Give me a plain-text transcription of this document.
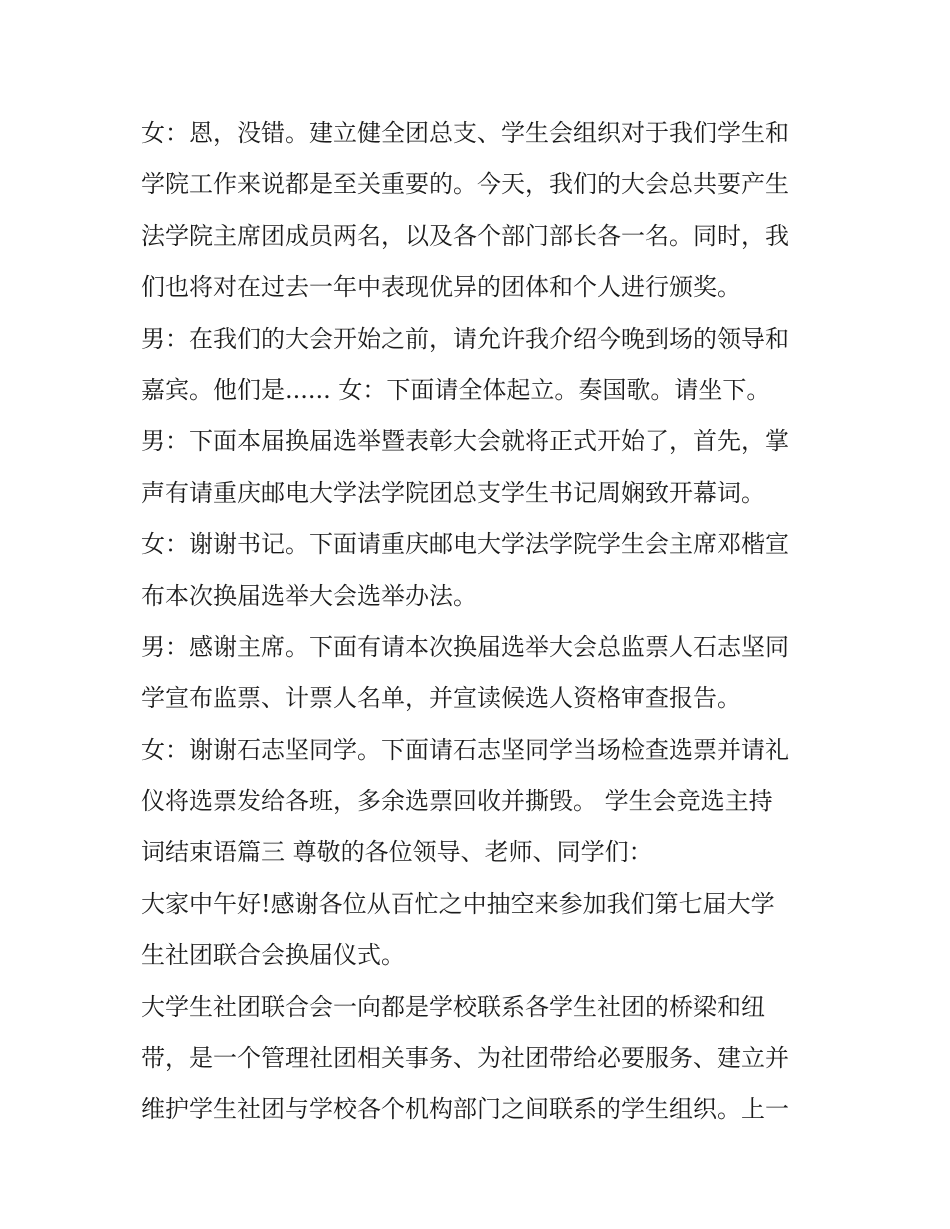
女：恩，没错。建立健全团总支、学生会组织对于我们学生和
学院工作来说都是至关重要的。今天，我们的大会总共要产生
法学院主席团成员两名，以及各个部门部长各一名。同时，我
们也将对在过去一年中表现优异的团体和个人进行颁奖。
男：在我们的大会开始之前，请允许我介绍今晚到场的领导和
嘉宾。他们是...... 女：下面请全体起立。奏国歌。请坐下。
男：下面本届换届选举暨表彰大会就将正式开始了，首先，掌
声有请重庆邮电大学法学院团总支学生书记周娴致开幕词。
女：谢谢书记。下面请重庆邮电大学法学院学生会主席邓楷宣
布本次换届选举大会选举办法。
男：感谢主席。下面有请本次换届选举大会总监票人石志坚同
学宣布监票、计票人名单，并宣读候选人资格审查报告。
女：谢谢石志坚同学。下面请石志坚同学当场检查选票并请礼
仪将选票发给各班，多余选票回收并撕毁。 学生会竞选主持
词结束语篇三 尊敬的各位领导、老师、同学们：
大家中午好!感谢各位从百忙之中抽空来参加我们第七届大学
生社团联合会换届仪式。
大学生社团联合会一向都是学校联系各学生社团的桥梁和纽
带，是一个管理社团相关事务、为社团带给必要服务、建立并
维护学生社团与学校各个机构部门之间联系的学生组织。上一
